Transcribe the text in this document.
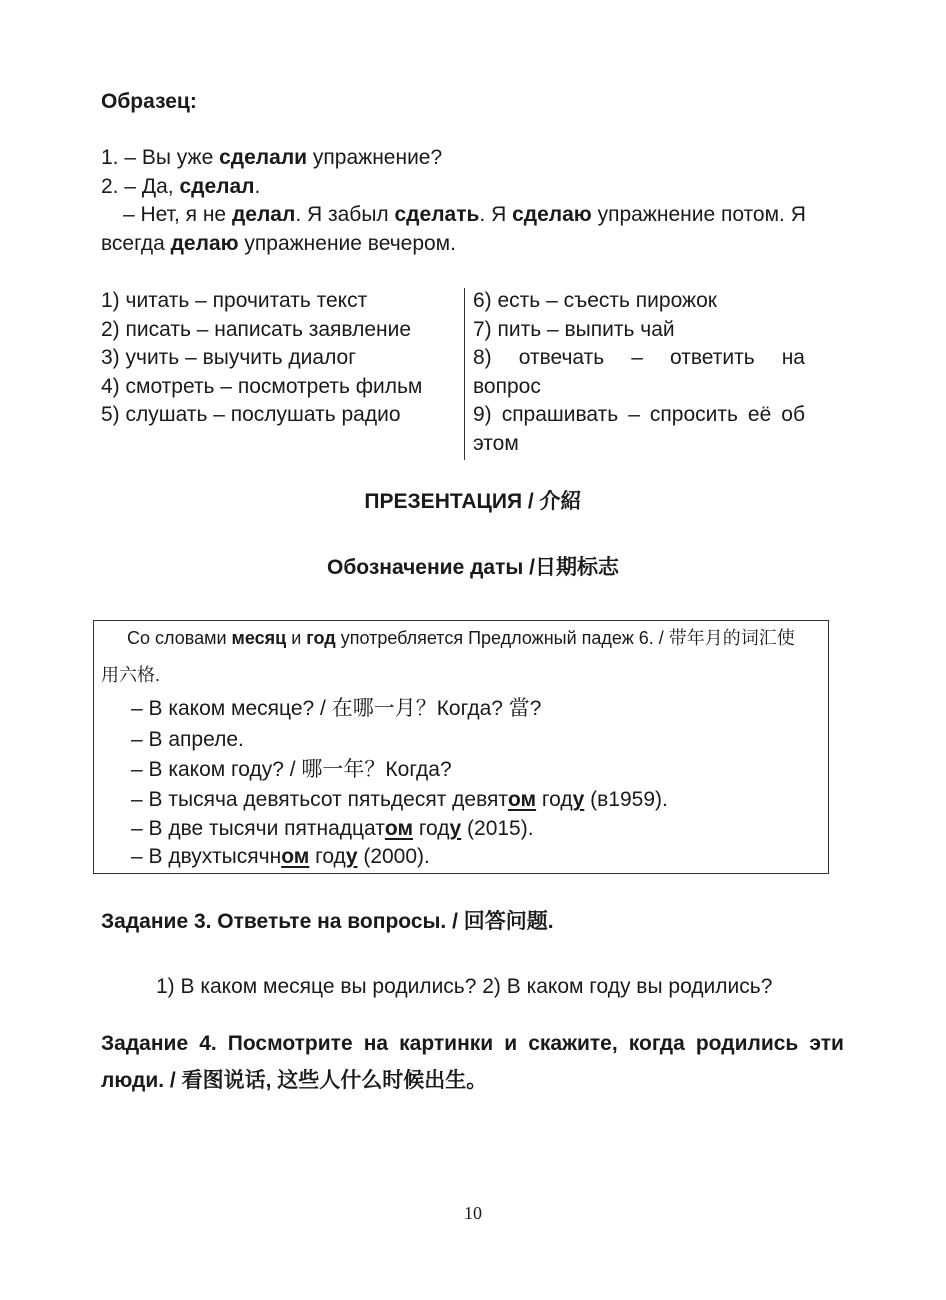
Образец:
1. – Вы уже сделали упражнение?
2. – Да, сделал.
– Нет, я не делал. Я забыл сделать. Я сделаю упражнение потом. Я
всегда делаю упражнение вечером.
1) читать – прочитать текст
2) писать – написать заявление
3) учить – выучить диалог
4) смотреть – посмотреть фильм
5) слушать – послушать радио
6) есть – съесть пирожок
7) пить – выпить чай
8) отвечать – ответить на
вопрос
9) спрашивать – спросить её об
этом
ПРЕЗЕНТАЦИЯ / 介紹
Обозначение даты /日期标志
Со словами месяц и год употребляется Предложный падеж 6. / 带年月的词汇使
用六格.
– В каком месяце? / 在哪一月？Когда? 當?
– В апреле.
– В каком году? / 哪一年？Когда?
– В тысяча девятьсот пятьдесят девятом году (в1959).
– В две тысячи пятнадцатом году (2015).
– В двухтысячном году (2000).
Задание 3. Ответьте на вопросы. / 回答问题.
1) В каком месяце вы родились? 2) В каком году вы родились?
Задание 4. Посмотрите на картинки и скажите, когда родились эти
люди. / 看图说话, 这些人什么时候出生。
10
